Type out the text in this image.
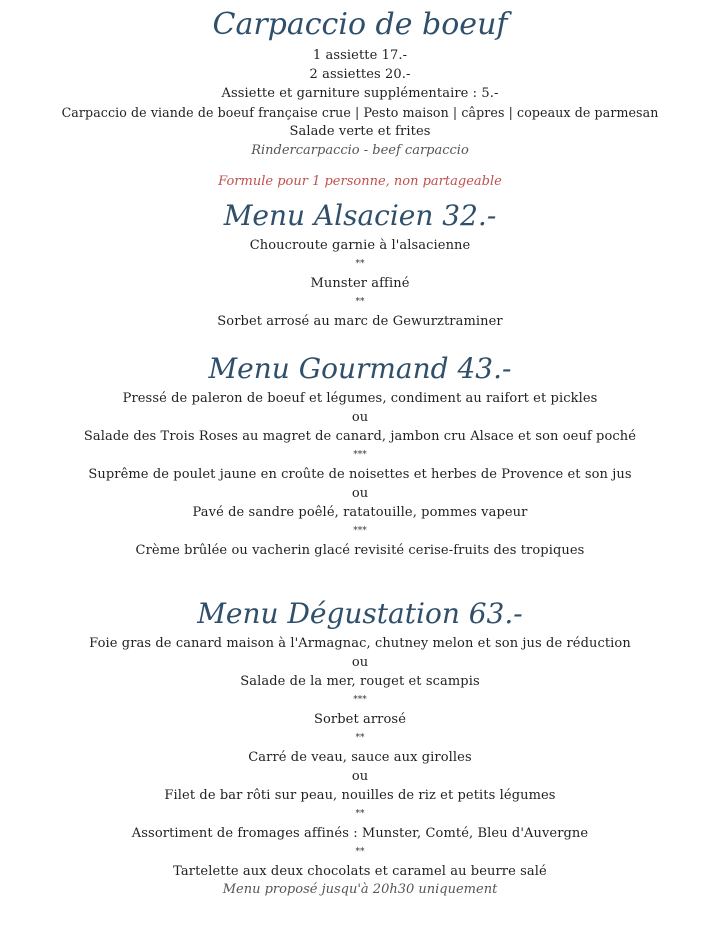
Carpaccio de boeuf

1 assiette 17.-

2 assiettes 20.-

Assiette et garniture supplémentaire : 5.-

Carpaccio de viande de boeuf française crue | Pesto maison | câpres | copeaux de parmesan

Salade verte et frites

Rindercarpaccio - beef carpaccio

Formule pour 1 personne, non partageable

Menu Alsacien 32.-

Choucroute garnie à l'alsacienne

**

Munster affiné

**

Sorbet arrosé au marc de Gewurztraminer

Menu Gourmand 43.-

Pressé de paleron de boeuf et légumes, condiment au raifort et pickles

ou

Salade des Trois Roses au magret de canard, jambon cru Alsace et son oeuf poché

***

Suprême de poulet jaune en croûte de noisettes et herbes de Provence et son jus

ou

Pavé de sandre poêlé, ratatouille, pommes vapeur

***

Crème brûlée ou vacherin glacé revisité cerise-fruits des tropiques

Menu Dégustation 63.-

Foie gras de canard maison à l'Armagnac, chutney melon et son jus de réduction

ou

Salade de la mer, rouget et scampis

***

Sorbet arrosé

**

Carré de veau, sauce aux girolles

ou

Filet de bar rôti sur peau, nouilles de riz et petits légumes

**

Assortiment de fromages affinés : Munster, Comté, Bleu d'Auvergne

**

Tartelette aux deux chocolats et caramel au beurre salé

Menu proposé jusqu'à 20h30 uniquement
